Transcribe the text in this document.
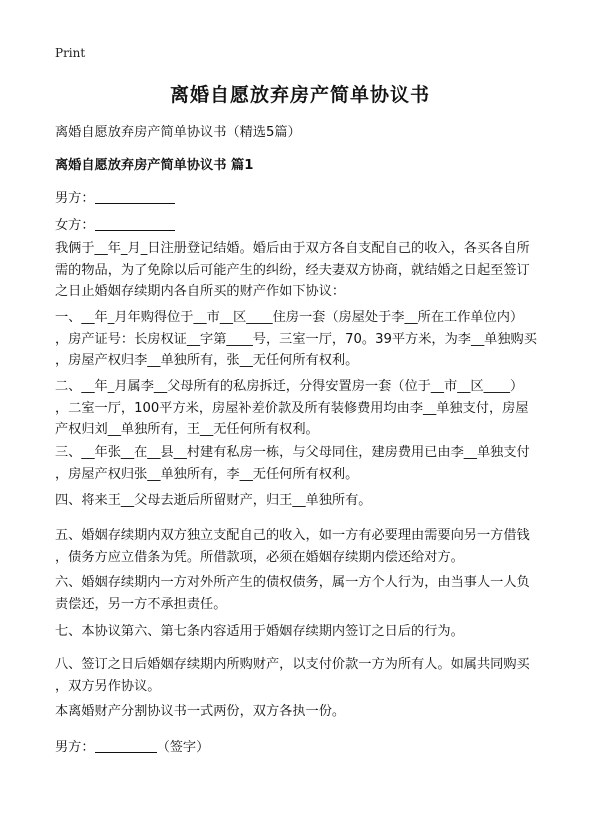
Print
离婚自愿放弃房产简单协议书
离婚自愿放弃房产简单协议书（精选5篇）
离婚自愿放弃房产简单协议书 篇1
男方：
女方：

我俩于__年_月_日注册登记结婚。婚后由于双方各自支配自己的收入，各买各自所

需的物品，为了免除以后可能产生的纠纷，经夫妻双方协商，就结婚之日起至签订

之日止婚姻存续期内各自所买的财产作如下协议：

一、__年_月年购得位于__市__区____住房一套（房屋处于李__所在工作单位内）

，房产证号：长房权证__字第____号，三室一厅，70。39平方米，为李__单独购买

，房屋产权归李__单独所有，张__无任何所有权利。

二、__年_月属李__父母所有的私房拆迁，分得安置房一套（位于__市__区____）

，二室一厅，100平方米，房屋补差价款及所有装修费用均由李__单独支付，房屋

产权归刘__单独所有，王__无任何所有权利。

三、__年张__在__县__村建有私房一栋，与父母同住，建房费用已由李__单独支付

，房屋产权归张__单独所有，李__无任何所有权利。

四、将来王__父母去逝后所留财产，归王__单独所有。

五、婚姻存续期内双方独立支配自己的收入，如一方有必要理由需要向另一方借钱

，债务方应立借条为凭。所借款项，必须在婚姻存续期内偿还给对方。

六、婚姻存续期内一方对外所产生的债权债务，属一方个人行为，由当事人一人负

责偿还，另一方不承担责任。

七、本协议第六、第七条内容适用于婚姻存续期内签订之日后的行为。

八、签订之日后婚姻存续期内所购财产，以支付价款一方为所有人。如属共同购买

，双方另作协议。

本离婚财产分割协议书一式两份，双方各执一份。

男方：	（签字）
